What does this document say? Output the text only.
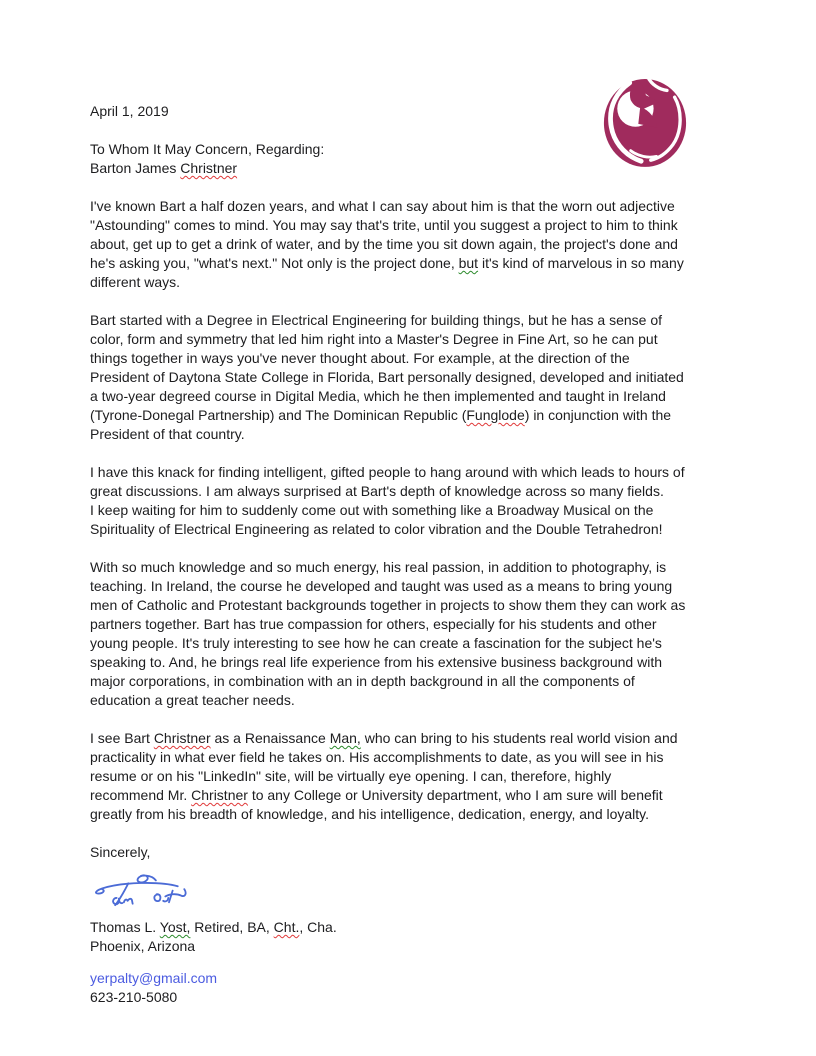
April 1, 2019

To Whom It May Concern, Regarding:
Barton James Christner

I've known Bart a half dozen years, and what I can say about him is that the worn out adjective
"Astounding" comes to mind. You may say that's trite, until you suggest a project to him to think
about, get up to get a drink of water, and by the time you sit down again, the project's done and
he's asking you, "what's next." Not only is the project done, but it's kind of marvelous in so many
different ways.

Bart started with a Degree in Electrical Engineering for building things, but he has a sense of
color, form and symmetry that led him right into a Master's Degree in Fine Art, so he can put
things together in ways you've never thought about. For example, at the direction of the
President of Daytona State College in Florida, Bart personally designed, developed and initiated
a two-year degreed course in Digital Media, which he then implemented and taught in Ireland
(Tyrone-Donegal Partnership) and The Dominican Republic (Funglode) in conjunction with the
President of that country.

I have this knack for finding intelligent, gifted people to hang around with which leads to hours of
great discussions. I am always surprised at Bart's depth of knowledge across so many fields.
I keep waiting for him to suddenly come out with something like a Broadway Musical on the
Spirituality of Electrical Engineering as related to color vibration and the Double Tetrahedron!

With so much knowledge and so much energy, his real passion, in addition to photography, is
teaching. In Ireland, the course he developed and taught was used as a means to bring young
men of Catholic and Protestant backgrounds together in projects to show them they can work as
partners together. Bart has true compassion for others, especially for his students and other
young people. It's truly interesting to see how he can create a fascination for the subject he's
speaking to. And, he brings real life experience from his extensive business background with
major corporations, in combination with an in depth background in all the components of
education a great teacher needs.

I see Bart Christner as a Renaissance Man, who can bring to his students real world vision and
practicality in what ever field he takes on. His accomplishments to date, as you will see in his
resume or on his "LinkedIn" site, will be virtually eye opening. I can, therefore, highly
recommend Mr. Christner to any College or University department, who I am sure will benefit
greatly from his breadth of knowledge, and his intelligence, dedication, energy, and loyalty.

Sincerely,

Thomas L. Yost, Retired, BA, Cht., Cha.
Phoenix, Arizona

yerpalty@gmail.com
623-210-5080
